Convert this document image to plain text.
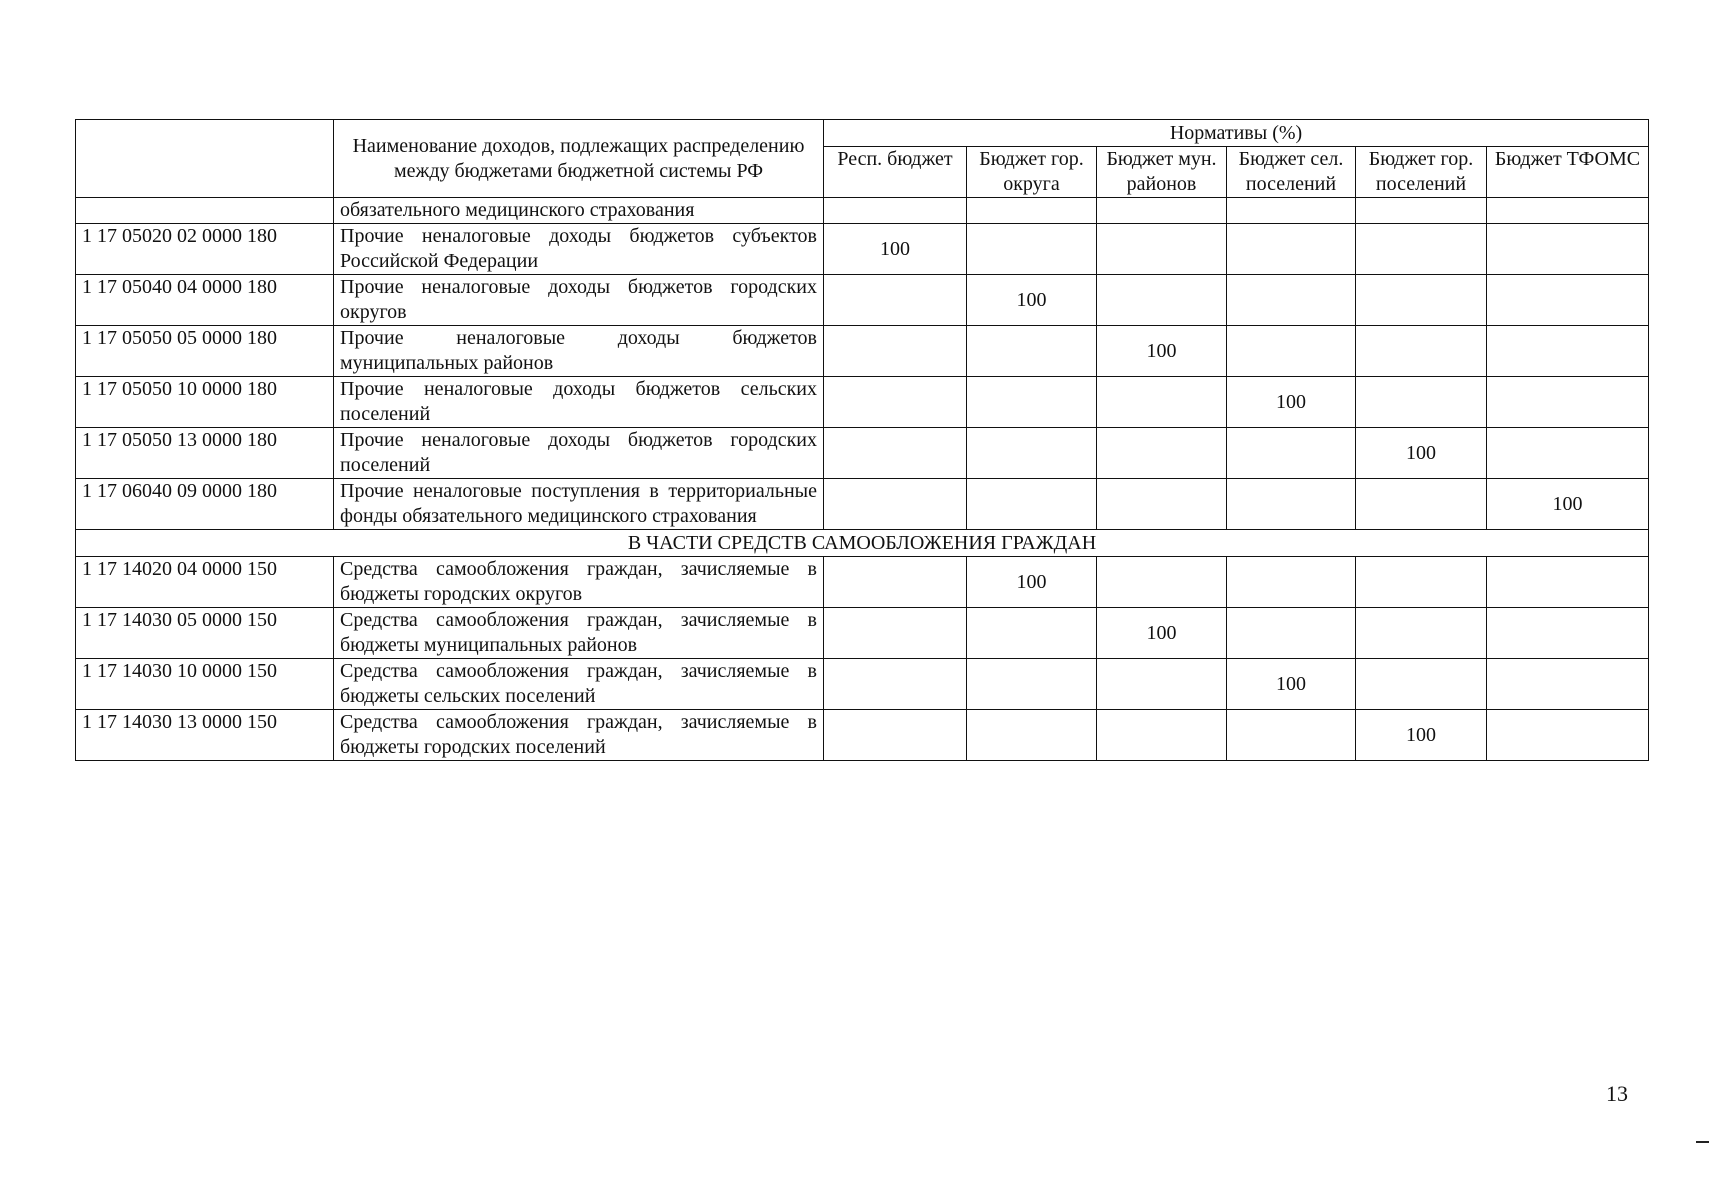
	Наименование доходов, подлежащих распределению между бюджетами бюджетной системы РФ	Нормативы (%)					
		Респ. бюджет	Бюджет гор. округа	Бюджет мун. районов	Бюджет сел. поселений	Бюджет гор. поселений	Бюджет ТФОМС
	обязательного медицинского страхования						
1 17 05020 02 0000 180	Прочие неналоговые доходы бюджетов субъектов Российской Федерации	100					
1 17 05040 04 0000 180	Прочие неналоговые доходы бюджетов городских округов		100				
1 17 05050 05 0000 180	Прочие неналоговые доходы бюджетов муниципальных районов			100			
1 17 05050 10 0000 180	Прочие неналоговые доходы бюджетов сельских поселений				100		
1 17 05050 13 0000 180	Прочие неналоговые доходы бюджетов городских поселений					100	
1 17 06040 09 0000 180	Прочие неналоговые поступления в территориальные фонды обязательного медицинского страхования						100
В ЧАСТИ СРЕДСТВ САМООБЛОЖЕНИЯ ГРАЖДАН							
1 17 14020 04 0000 150	Средства самообложения граждан, зачисляемые в бюджеты городских округов		100				
1 17 14030 05 0000 150	Средства самообложения граждан, зачисляемые в бюджеты муниципальных районов			100			
1 17 14030 10 0000 150	Средства самообложения граждан, зачисляемые в бюджеты сельских поселений				100		
1 17 14030 13 0000 150	Средства самообложения граждан, зачисляемые в бюджеты городских поселений					100	
13
